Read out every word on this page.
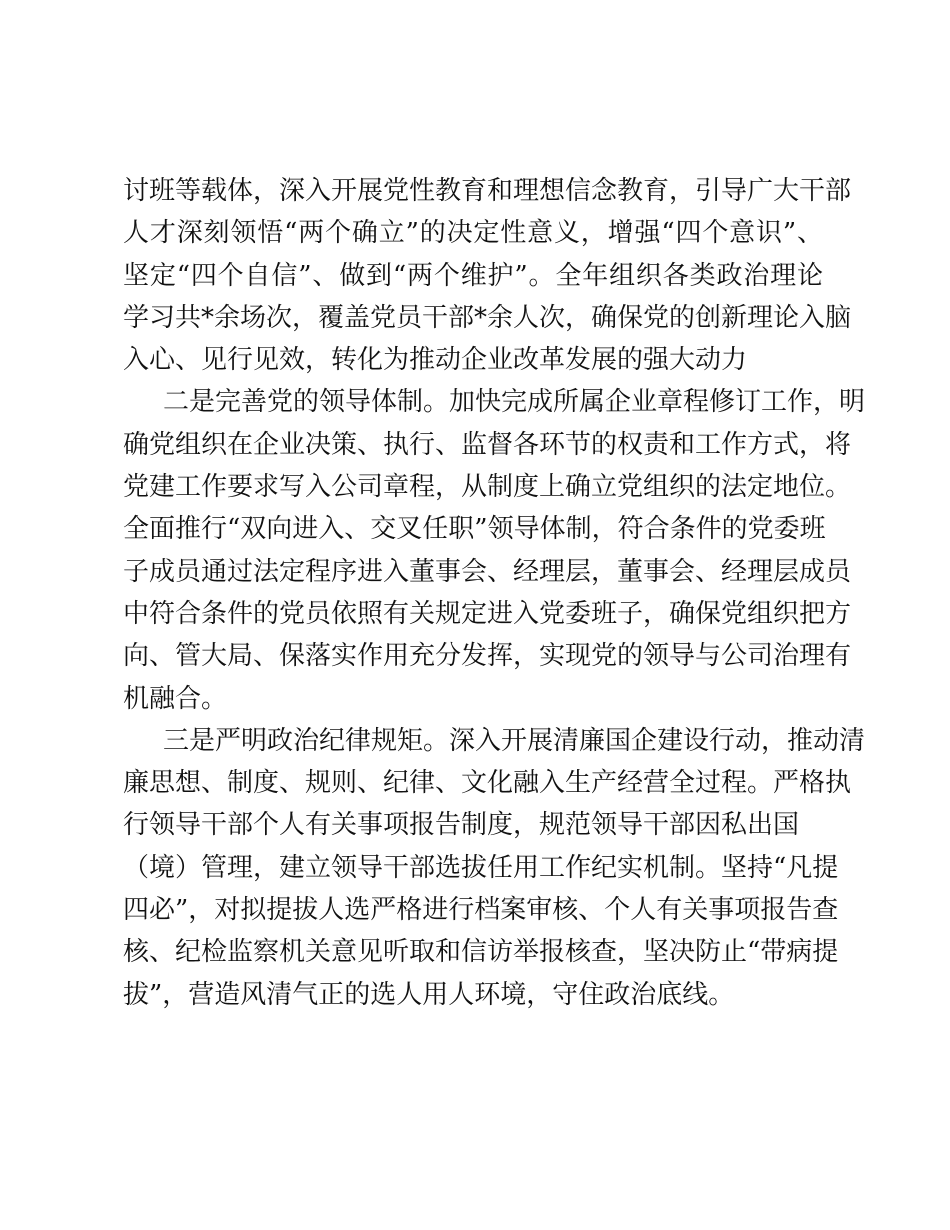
讨班等载体，深入开展党性教育和理想信念教育，引导广大干部
人才深刻领悟“两个确立”的决定性意义，增强“四个意识”、
坚定“四个自信”、做到“两个维护”。全年组织各类政治理论
学习共*余场次，覆盖党员干部*余人次，确保党的创新理论入脑
入心、见行见效，转化为推动企业改革发展的强大动力
二是完善党的领导体制。加快完成所属企业章程修订工作，明
确党组织在企业决策、执行、监督各环节的权责和工作方式，将
党建工作要求写入公司章程，从制度上确立党组织的法定地位。
全面推行“双向进入、交叉任职”领导体制，符合条件的党委班
子成员通过法定程序进入董事会、经理层，董事会、经理层成员
中符合条件的党员依照有关规定进入党委班子，确保党组织把方
向、管大局、保落实作用充分发挥，实现党的领导与公司治理有
机融合。
三是严明政治纪律规矩。深入开展清廉国企建设行动，推动清
廉思想、制度、规则、纪律、文化融入生产经营全过程。严格执
行领导干部个人有关事项报告制度，规范领导干部因私出国
（境）管理，建立领导干部选拔任用工作纪实机制。坚持“凡提
四必”，对拟提拔人选严格进行档案审核、个人有关事项报告查
核、纪检监察机关意见听取和信访举报核查，坚决防止“带病提
拔”，营造风清气正的选人用人环境，守住政治底线。
